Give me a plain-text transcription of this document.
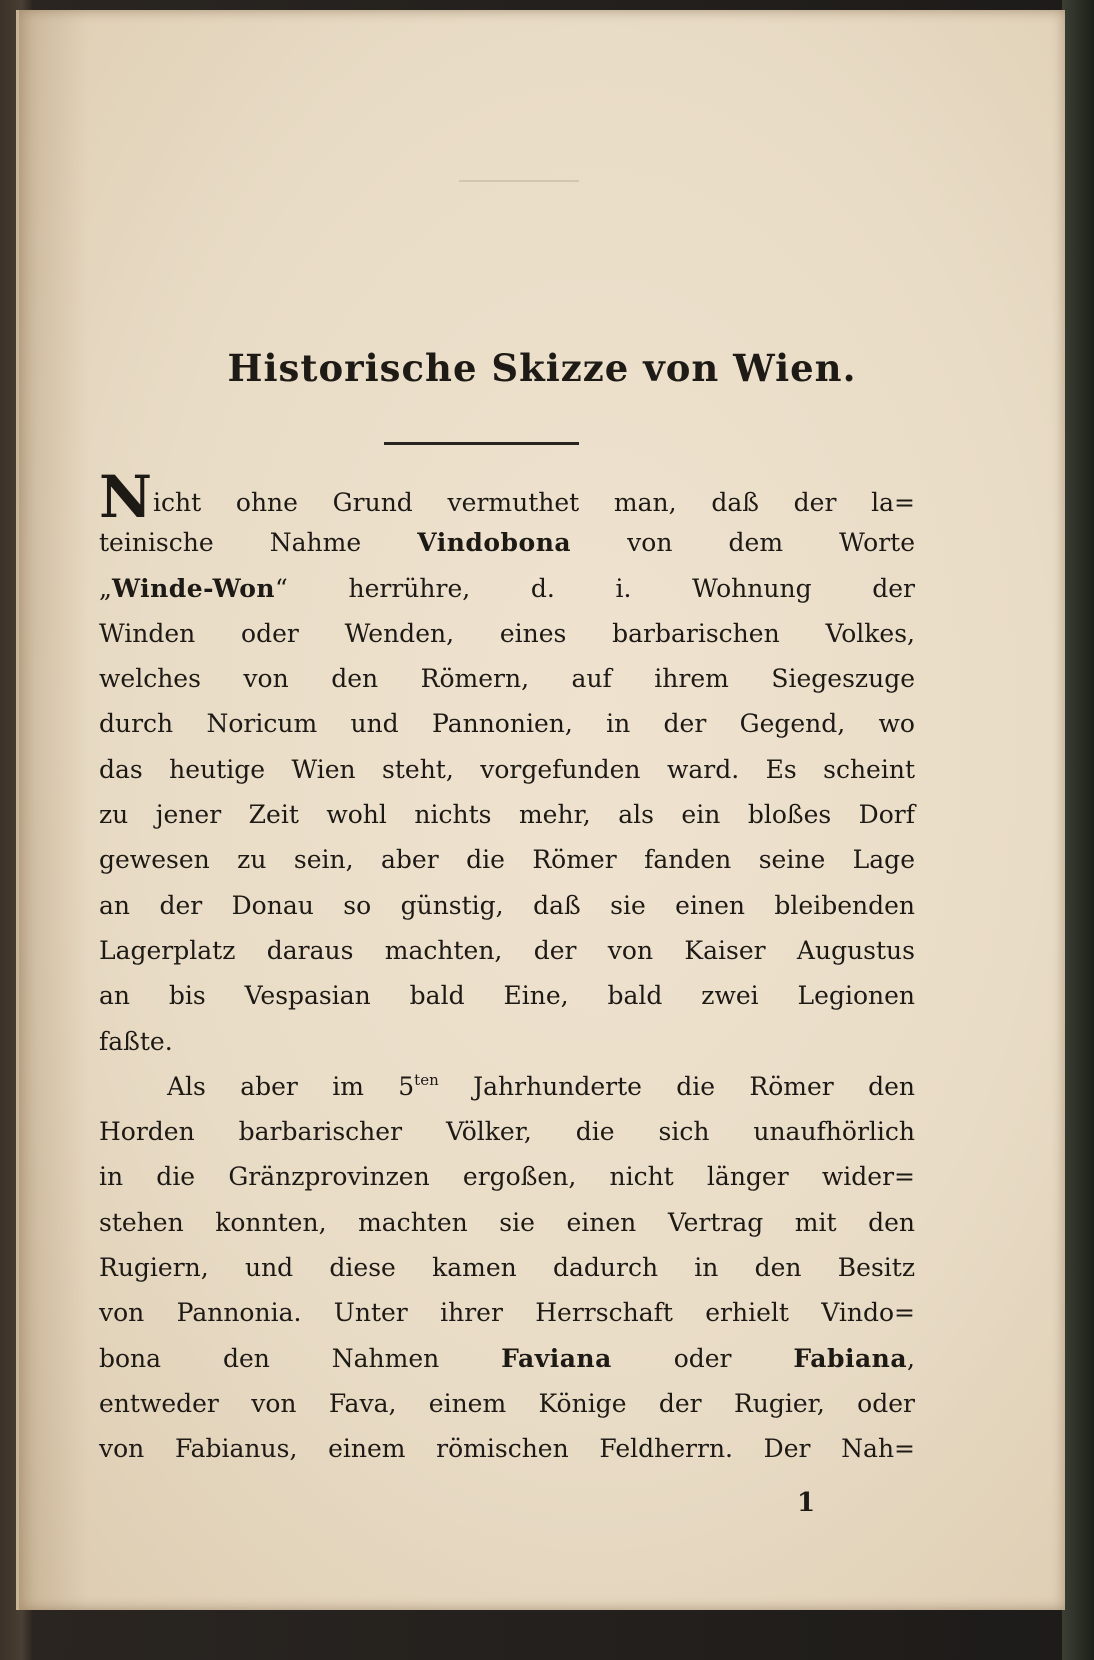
Historische Skizze von Wien.
Nicht ohne Grund vermuthet man, daß der la=
teinische Nahme Vindobona von dem Worte
„Winde-Won“ herrühre, d. i. Wohnung der
Winden oder Wenden, eines barbarischen Volkes,
welches von den Römern, auf ihrem Siegeszuge
durch Noricum und Pannonien, in der Gegend, wo
das heutige Wien steht, vorgefunden ward. Es scheint
zu jener Zeit wohl nichts mehr, als ein bloßes Dorf
gewesen zu sein, aber die Römer fanden seine Lage
an der Donau so günstig, daß sie einen bleibenden
Lagerplatz daraus machten, der von Kaiser Augustus
an bis Vespasian bald Eine, bald zwei Legionen
faßte.
Als aber im $5^{ten}$ Jahrhunderte die Römer den
Horden barbarischer Völker, die sich unaufhörlich
in die Gränzprovinzen ergoßen, nicht länger wider=
stehen konnten, machten sie einen Vertrag mit den
Rugiern, und diese kamen dadurch in den Besitz
von Pannonia. Unter ihrer Herrschaft erhielt Vindo=
bona den Nahmen Faviana oder Fabiana,
entweder von Fava, einem Könige der Rugier, oder
von Fabianus, einem römischen Feldherrn. Der Nah=
1
